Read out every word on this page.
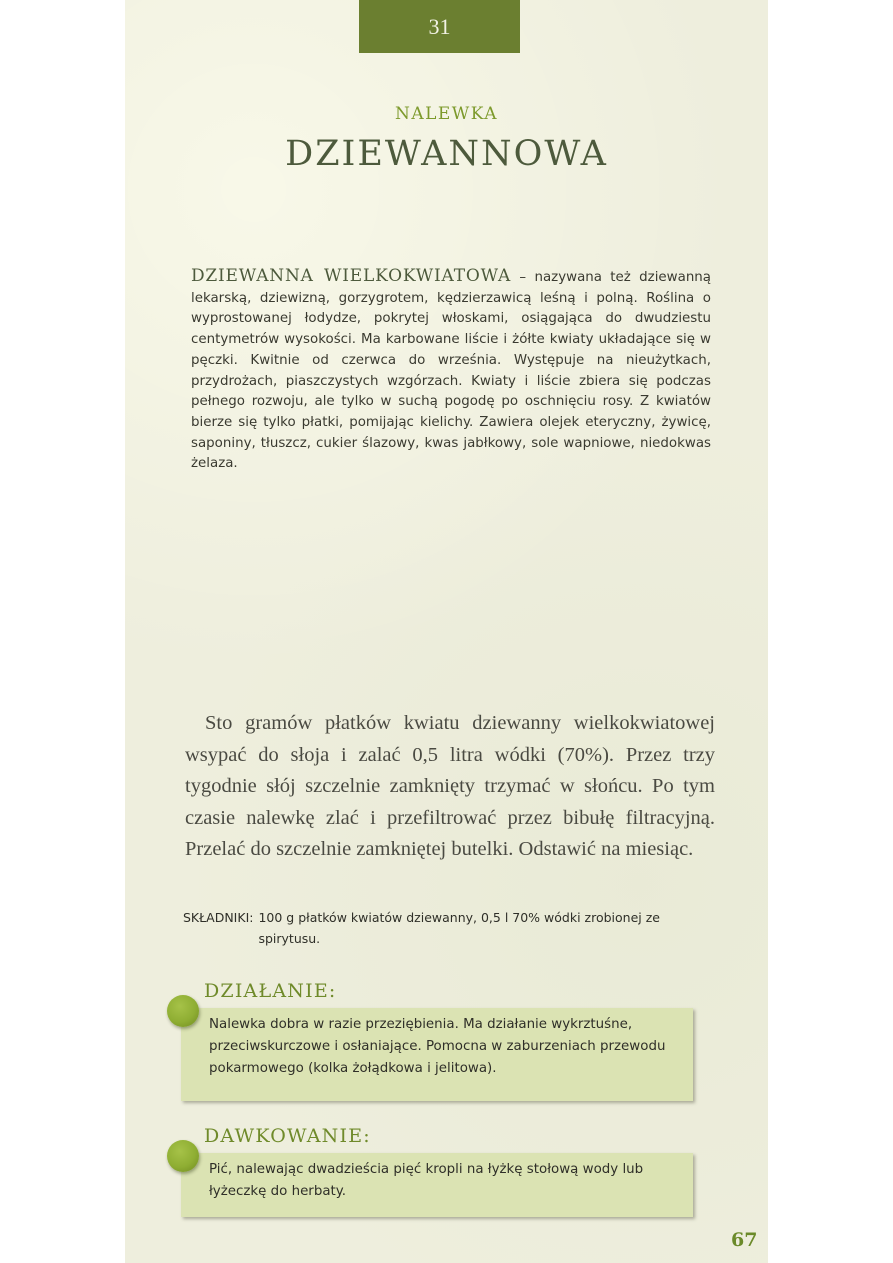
31
NALEWKA
DZIEWANNOWA
DZIEWANNA WIELKOKWIATOWA – nazywana też dziewanną lekarską, dziewizną, gorzygrotem, kędzierzawicą leśną i polną. Roślina o wyprostowanej łodydze, pokrytej włoskami, osiągająca do dwudziestu centymetrów wysokości. Ma karbowane liście i żółte kwiaty układające się w pęczki. Kwitnie od czerwca do września. Występuje na nieużytkach, przydrożach, piaszczystych wzgórzach. Kwiaty i liście zbiera się podczas pełnego rozwoju, ale tylko w suchą pogodę po oschnięciu rosy. Z kwiatów bierze się tylko płatki, pomijając kielichy. Zawiera olejek eteryczny, żywicę, saponiny, tłuszcz, cukier ślazowy, kwas jabłkowy, sole wapniowe, niedokwas żelaza.
Sto gramów płatków kwiatu dziewanny wielkokwiatowej wsypać do słoja i zalać 0,5 litra wódki (70%). Przez trzy tygodnie słój szczelnie zamknięty trzymać w słońcu. Po tym czasie nalewkę zlać i przefiltrować przez bibułę filtracyjną. Przelać do szczelnie zamkniętej butelki. Odstawić na miesiąc.
SKŁADNIKI: 100 g płatków kwiatów dziewanny, 0,5 l 70% wódki zrobionej ze spirytusu.
DZIAŁANIE:
Nalewka dobra w razie przeziębienia. Ma działanie wykrztuśne, przeciwskurczowe i osłaniające. Pomocna w zaburzeniach przewodu pokarmowego (kolka żołądkowa i jelitowa).
DAWKOWANIE:
Pić, nalewając dwadzieścia pięć kropli na łyżkę stołową wody lub łyżeczkę do herbaty.
67
